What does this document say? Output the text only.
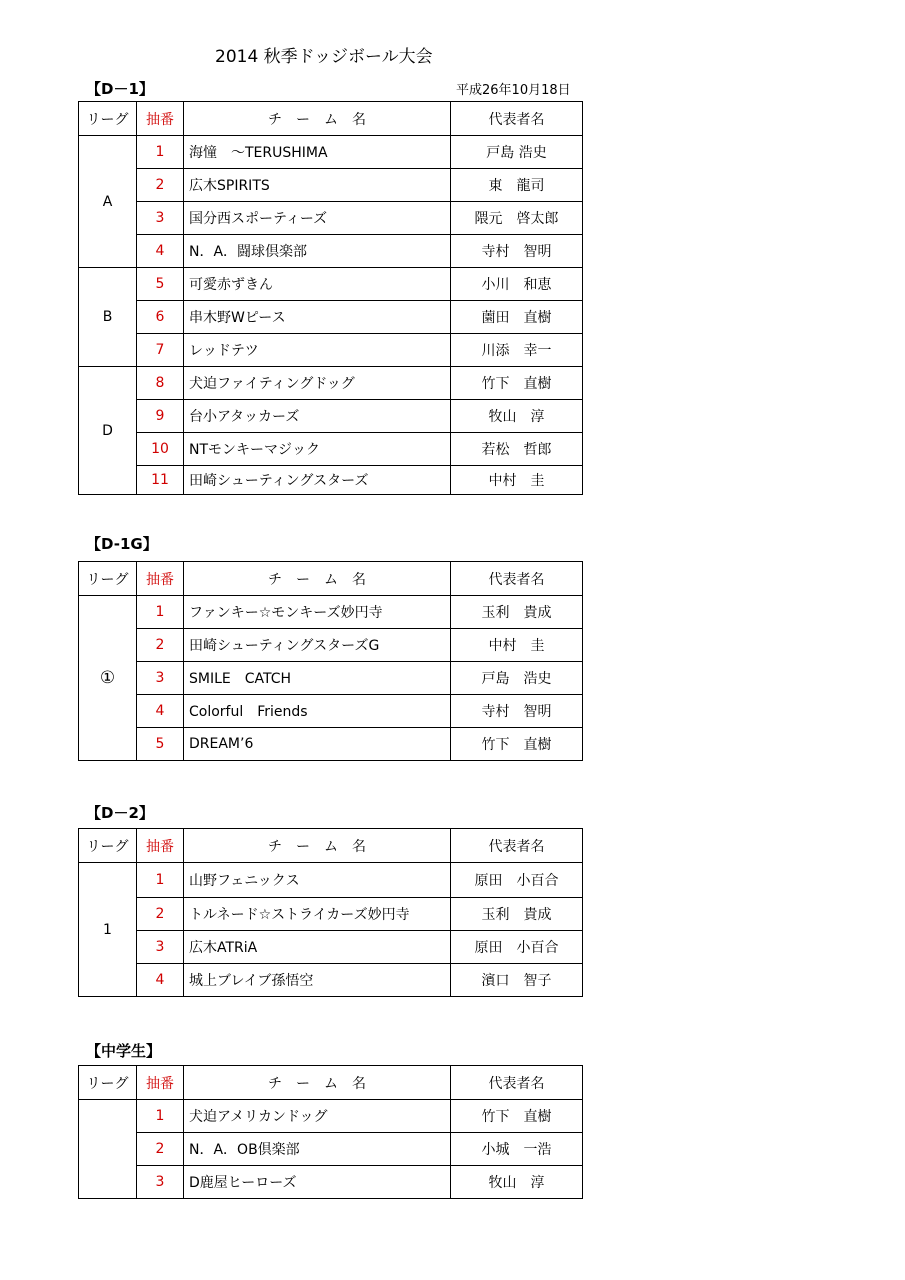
2014 秋季ドッジボール大会
平成26年10月18日
【D－1】
リーグ	抽番	チ　ー　ム　名	代表者名
A	1	海憧　～TERUSHIMA	戸島 浩史
	2	広木SPIRITS	東　龍司
	3	国分西スポーティーズ	隈元　啓太郎
	4	N．A．闘球倶楽部	寺村　智明
B	5	可愛赤ずきん	小川　和恵
	6	串木野Wピース	薗田　直樹
	7	レッドテツ	川添　幸一
D	8	犬迫ファイティングドッグ	竹下　直樹
	9	台小アタッカーズ	牧山　淳
	10	NTモンキーマジック	若松　哲郎
	11	田崎シューティングスターズ	中村　圭
【D-1G】
リーグ	抽番	チ　ー　ム　名	代表者名
①	1	ファンキー☆モンキーズ妙円寺	玉利　貴成
	2	田崎シューティングスターズG	中村　圭
	3	SMILE　CATCH	戸島　浩史
	4	Colorful　Friends	寺村　智明
	5	DREAM’6	竹下　直樹
【D－2】
リーグ	抽番	チ　ー　ム　名	代表者名
1	1	山野フェニックス	原田　小百合
	2	トルネード☆ストライカーズ妙円寺	玉利　貴成
	3	広木ATRiA	原田　小百合
	4	城上ブレイブ孫悟空	濱口　智子
【中学生】
リーグ	抽番	チ　ー　ム　名	代表者名
	1	犬迫アメリカンドッグ	竹下　直樹
	2	N．A．OB倶楽部	小城　一浩
	3	D鹿屋ヒーローズ	牧山　淳
